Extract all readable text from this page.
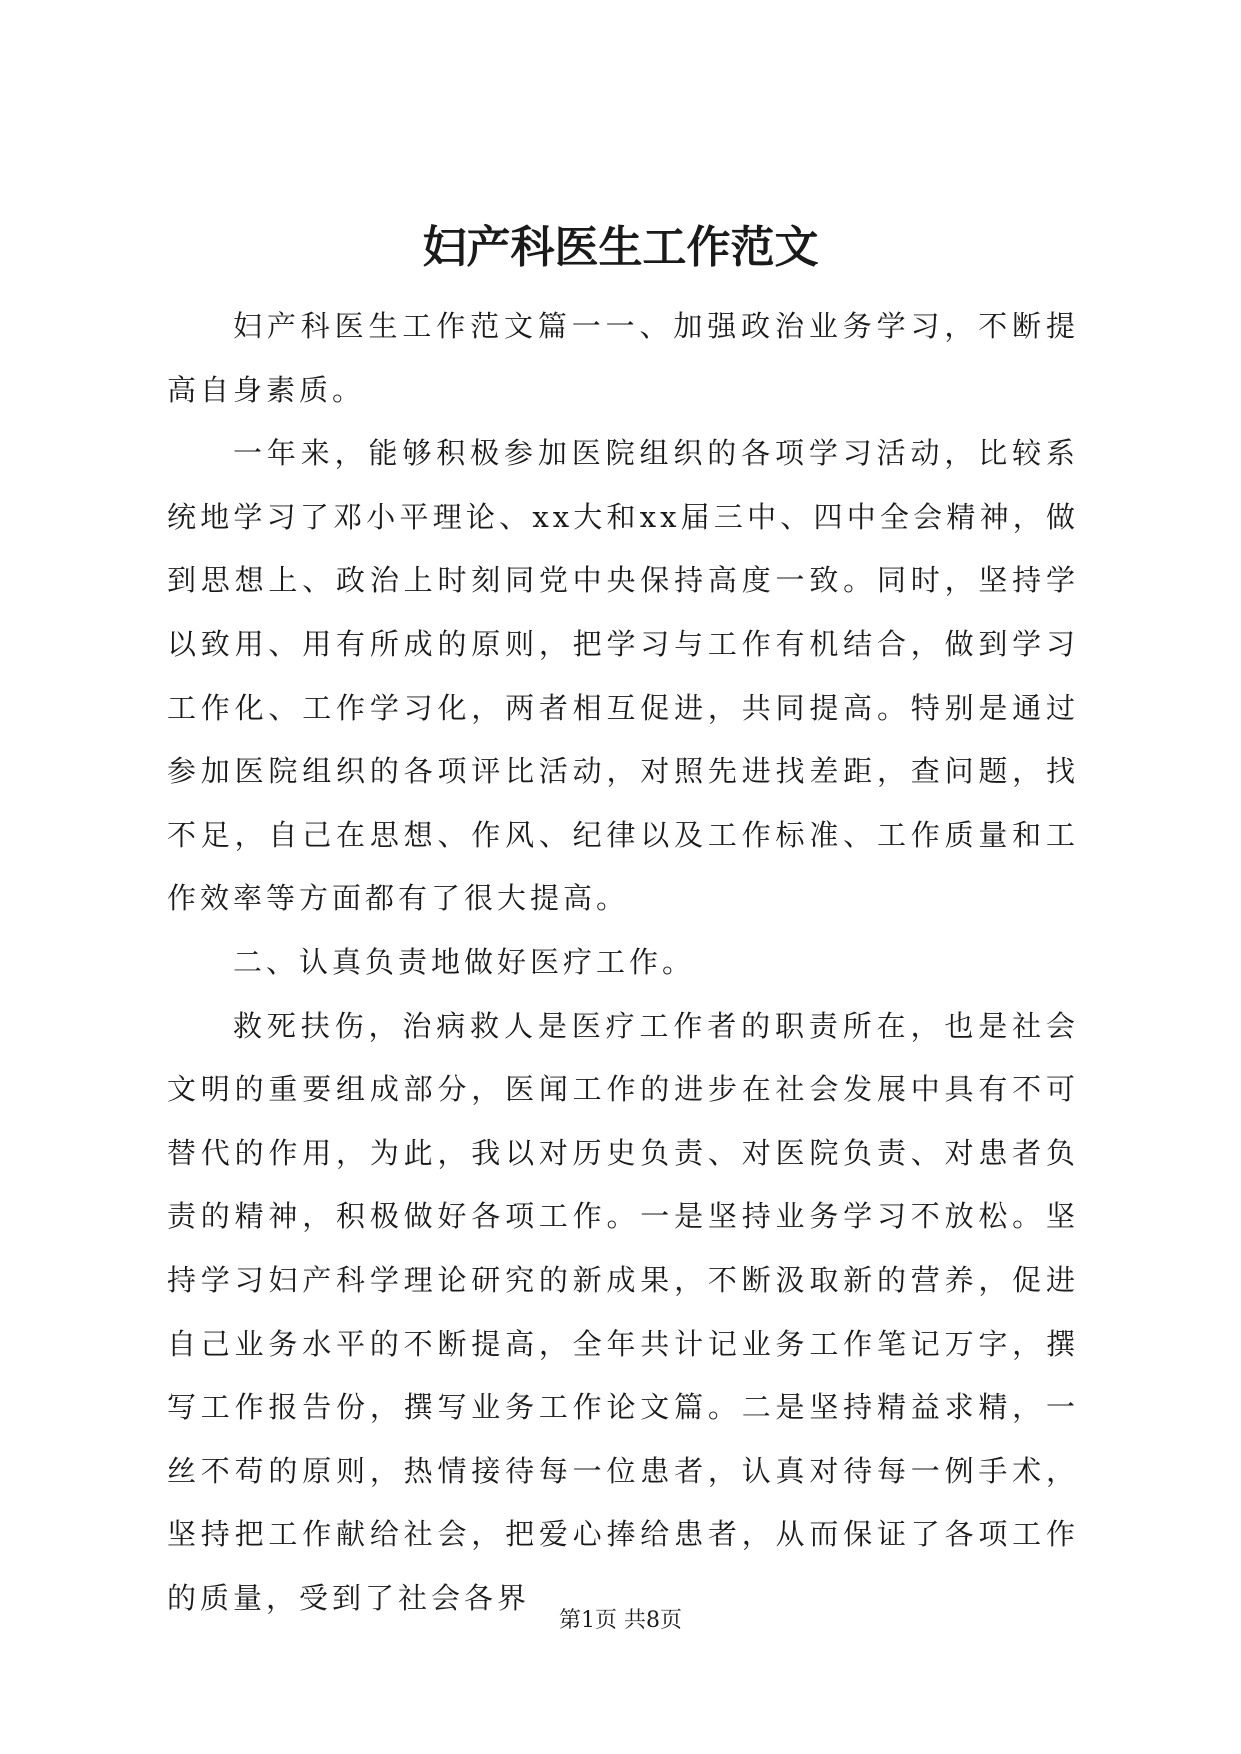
妇产科医生工作范文

妇产科医生工作范文篇一一、加强政治业务学习，不断提高自身素质。

一年来，能够积极参加医院组织的各项学习活动，比较系统地学习了邓小平理论、xx大和xx届三中、四中全会精神，做到思想上、政治上时刻同党中央保持高度一致。同时，坚持学以致用、用有所成的原则，把学习与工作有机结合，做到学习工作化、工作学习化，两者相互促进，共同提高。特别是通过参加医院组织的各项评比活动，对照先进找差距，查问题，找不足，自己在思想、作风、纪律以及工作标准、工作质量和工作效率等方面都有了很大提高。

二、认真负责地做好医疗工作。

救死扶伤，治病救人是医疗工作者的职责所在，也是社会文明的重要组成部分，医闻工作的进步在社会发展中具有不可替代的作用，为此，我以对历史负责、对医院负责、对患者负责的精神，积极做好各项工作。一是坚持业务学习不放松。坚持学习妇产科学理论研究的新成果，不断汲取新的营养，促进自己业务水平的不断提高，全年共计记业务工作笔记万字，撰写工作报告份，撰写业务工作论文篇。二是坚持精益求精，一丝不苟的原则，热情接待每一位患者，认真对待每一例手术，坚持把工作献给社会，把爱心捧给患者，从而保证了各项工作的质量，受到了社会各界

第1页 共8页
